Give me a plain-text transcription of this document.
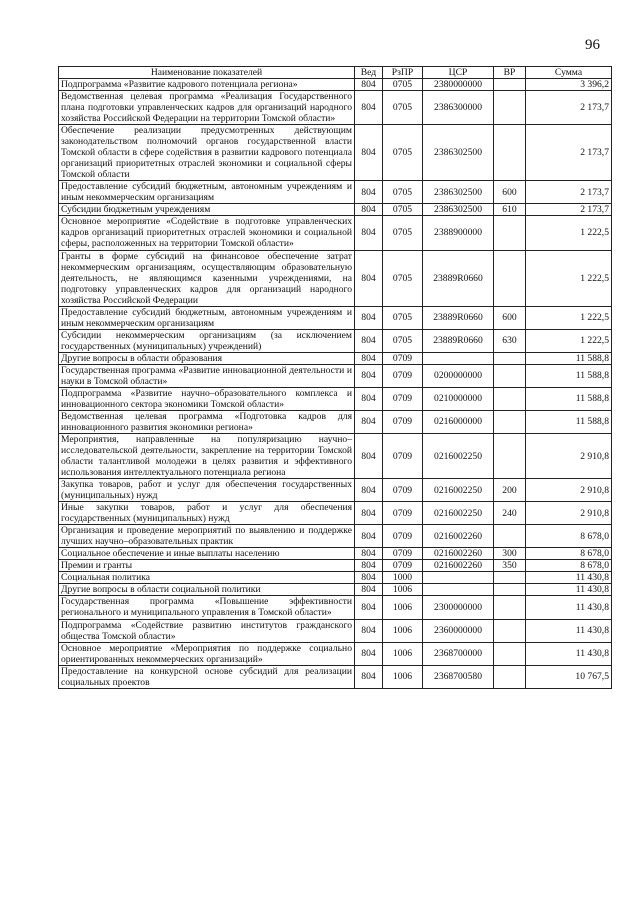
96
Наименование показателей	Вед	РзПР	ЦСР	ВР	Сумма
Подпрограмма «Развитие кадрового потенциала региона»	804	0705	2380000000		3 396,2
Ведомственная целевая программа «Реализация Государственного плана подготовки управленческих кадров для организаций народного хозяйства Российской Федерации на территории Томской области»	804	0705	2386300000		2 173,7
Обеспечение реализации предусмотренных действующим законодательством полномочий органов государственной власти Томской области в сфере содействия в развитии кадрового потенциала организаций приоритетных отраслей экономики и социальной сферы Томской области	804	0705	2386302500		2 173,7
Предоставление субсидий бюджетным, автономным учреждениям и иным некоммерческим организациям	804	0705	2386302500	600	2 173,7
Субсидии бюджетным учреждениям	804	0705	2386302500	610	2 173,7
Основное мероприятие «Содействие в подготовке управленческих кадров организаций приоритетных отраслей экономики и социальной сферы, расположенных на территории Томской области»	804	0705	2388900000		1 222,5
Гранты в форме субсидий на финансовое обеспечение затрат некоммерческим организациям, осуществляющим образовательную деятельность, не являющимся казенными учреждениями, на подготовку управленческих кадров для организаций народного хозяйства Российской Федерации	804	0705	23889R0660		1 222,5
Предоставление субсидий бюджетным, автономным учреждениям и иным некоммерческим организациям	804	0705	23889R0660	600	1 222,5
Субсидии некоммерческим организациям (за исключением государственных (муниципальных) учреждений)	804	0705	23889R0660	630	1 222,5
Другие вопросы в области образования	804	0709			11 588,8
Государственная программа «Развитие инновационной деятельности и науки в Томской области»	804	0709	0200000000		11 588,8
Подпрограмма «Развитие научно–образовательного комплекса и инновационного сектора экономики Томской области»	804	0709	0210000000		11 588,8
Ведомственная целевая программа «Подготовка кадров для инновационного развития экономики региона»	804	0709	0216000000		11 588,8
Мероприятия, направленные на популяризацию научно–исследовательской деятельности, закрепление на территории Томской области талантливой молодежи в целях развития и эффективного использования интеллектуального потенциала региона	804	0709	0216002250		2 910,8
Закупка товаров, работ и услуг для обеспечения государственных (муниципальных) нужд	804	0709	0216002250	200	2 910,8
Иные закупки товаров, работ и услуг для обеспечения государственных (муниципальных) нужд	804	0709	0216002250	240	2 910,8
Организация и проведение мероприятий по выявлению и поддержке лучших научно–образовательных практик	804	0709	0216002260		8 678,0
Социальное обеспечение и иные выплаты населению	804	0709	0216002260	300	8 678,0
Премии и гранты	804	0709	0216002260	350	8 678,0
Социальная политика	804	1000			11 430,8
Другие вопросы в области социальной политики	804	1006			11 430,8
Государственная программа «Повышение эффективности регионального и муниципального управления в Томской области»	804	1006	2300000000		11 430,8
Подпрограмма «Содействие развитию институтов гражданского общества Томской области»	804	1006	2360000000		11 430,8
Основное мероприятие «Мероприятия по поддержке социально ориентированных некоммерческих организаций»	804	1006	2368700000		11 430,8
Предоставление на конкурсной основе субсидий для реализации социальных проектов	804	1006	2368700580		10 767,5
